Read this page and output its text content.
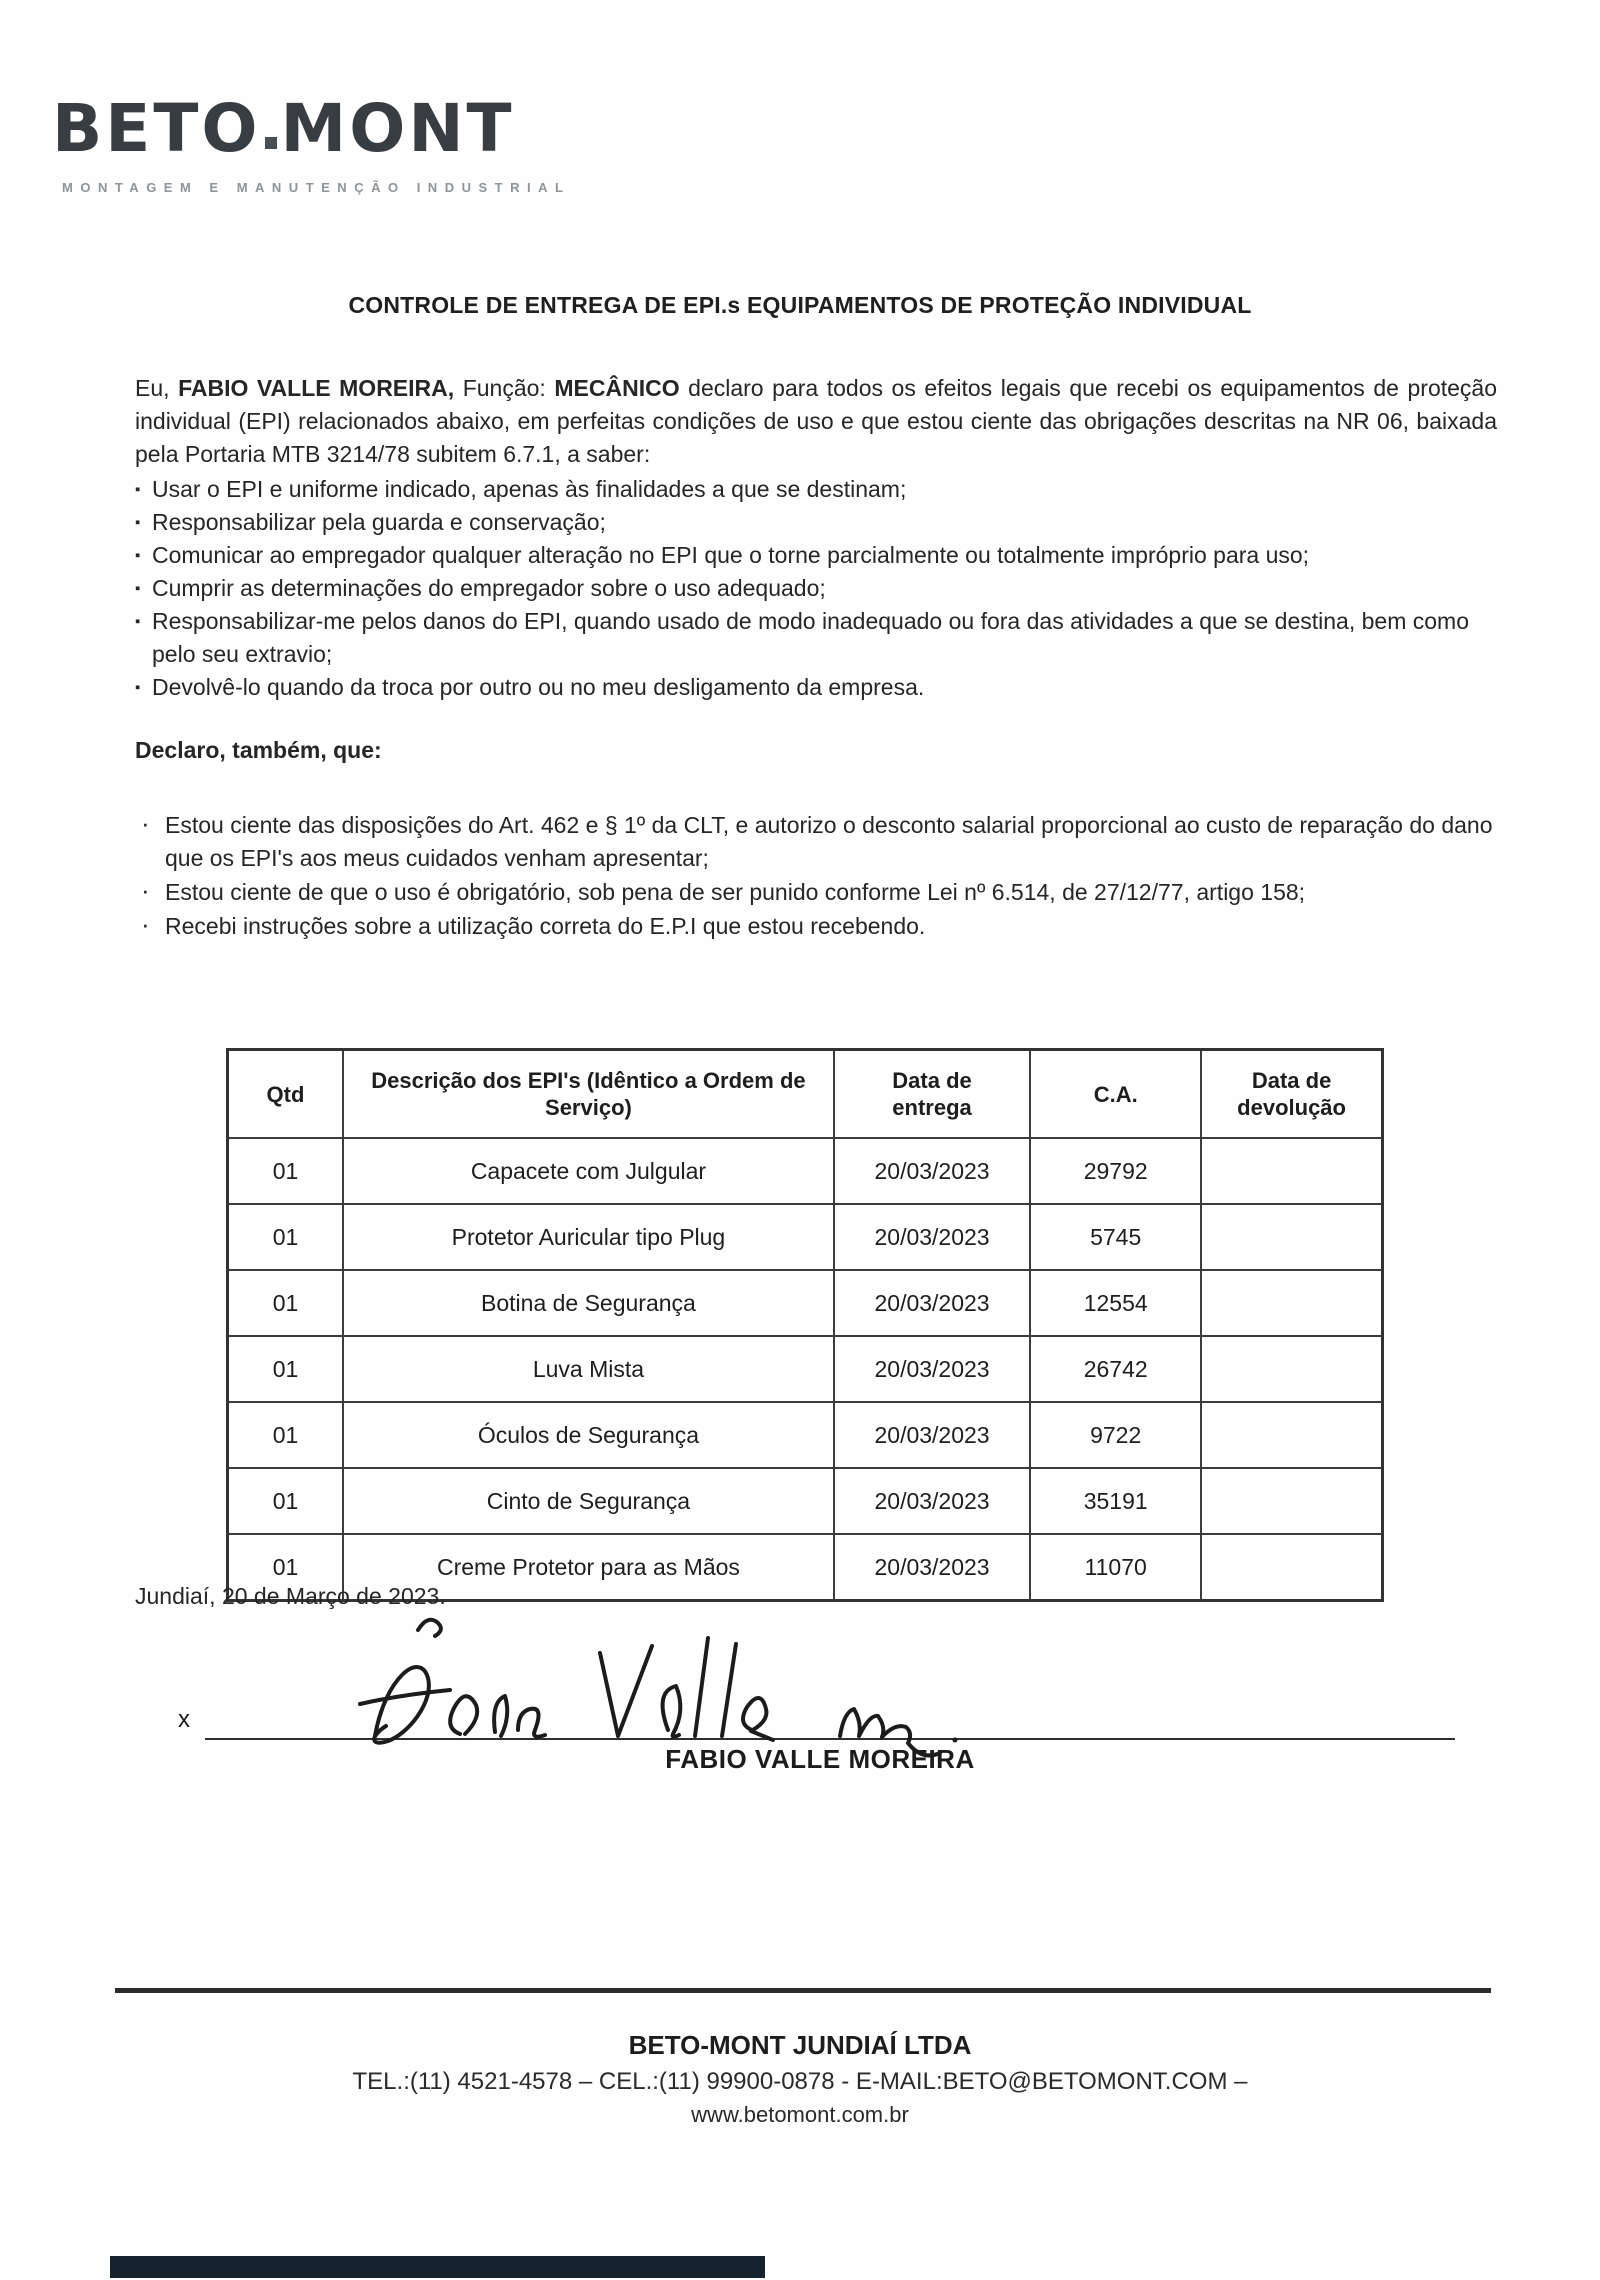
BETO MONT
MONTAGEM E MANUTENÇÃO INDUSTRIAL
CONTROLE DE ENTREGA DE EPI.s EQUIPAMENTOS DE PROTEÇÃO INDIVIDUAL

Eu, FABIO VALLE MOREIRA, Função: MECÂNICO declaro para todos os efeitos legais que recebi os equipamentos de proteção individual (EPI) relacionados abaixo, em perfeitas condições de uso e que estou ciente das obrigações descritas na NR 06, baixada pela Portaria MTB 3214/78 subitem 6.7.1, a saber:

▪ Usar o EPI e uniforme indicado, apenas às finalidades a que se destinam;
▪ Responsabilizar pela guarda e conservação;
▪ Comunicar ao empregador qualquer alteração no EPI que o torne parcialmente ou totalmente impróprio para uso;
▪ Cumprir as determinações do empregador sobre o uso adequado;
▪ Responsabilizar-me pelos danos do EPI, quando usado de modo inadequado ou fora das atividades a que se destina, bem como pelo seu extravio;
▪ Devolvê-lo quando da troca por outro ou no meu desligamento da empresa.
Declaro, também, que:
· Estou ciente das disposições do Art. 462 e § 1º da CLT, e autorizo o desconto salarial proporcional ao custo de reparação do dano que os EPI's aos meus cuidados venham apresentar;
· Estou ciente de que o uso é obrigatório, sob pena de ser punido conforme Lei nº 6.514, de 27/12/77, artigo 158;
· Recebi instruções sobre a utilização correta do E.P.I que estou recebendo.
Qtd	Descrição dos EPI's (Idêntico a Ordem de Serviço)	Data de entrega	C.A.	Data de devolução
01	Capacete com Julgular	20/03/2023	29792	
01	Protetor Auricular tipo Plug	20/03/2023	5745	
01	Botina de Segurança	20/03/2023	12554	
01	Luva Mista	20/03/2023	26742	
01	Óculos de Segurança	20/03/2023	9722	
01	Cinto de Segurança	20/03/2023	35191	
01	Creme Protetor para as Mãos	20/03/2023	11070	
Jundiaí, 20 de Março de 2023.
x
FABIO VALLE MOREIRA
BETO-MONT JUNDIAÍ LTDA
TEL.:(11) 4521-4578 – CEL.:(11) 99900-0878 - E-MAIL:BETO@BETOMONT.COM –
www.betomont.com.br
